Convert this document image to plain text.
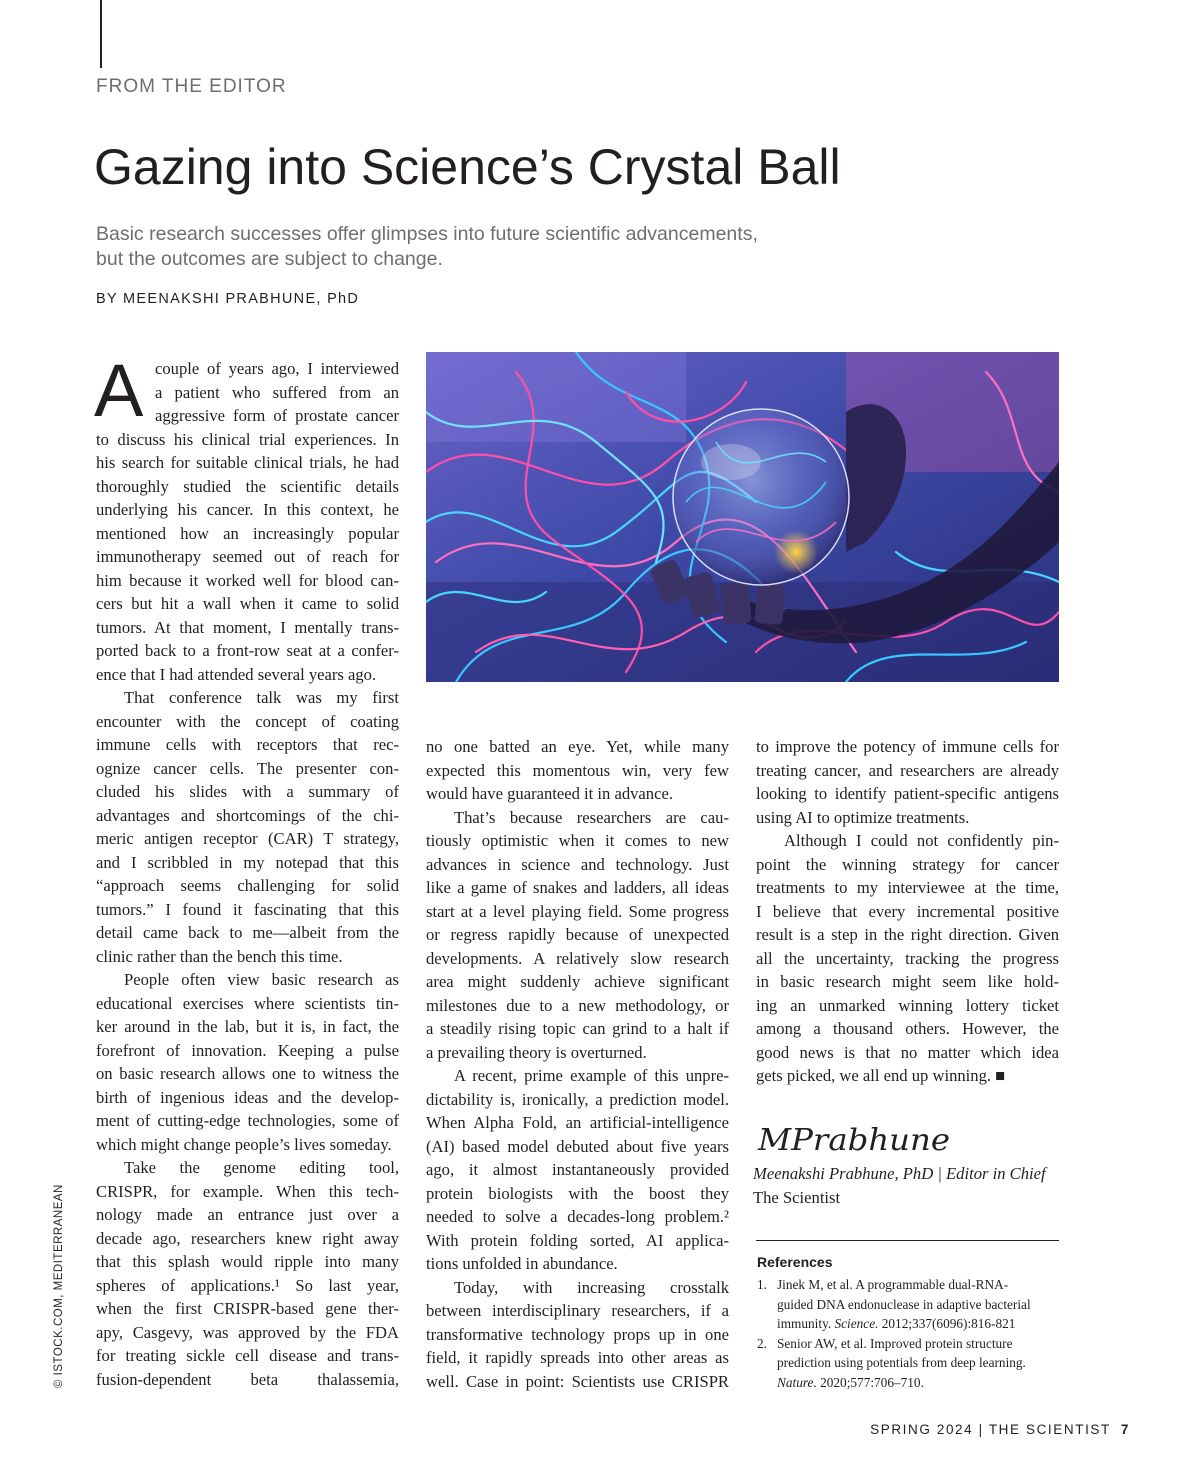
FROM THE EDITOR
Gazing into Science’s Crystal Ball
Basic research successes offer glimpses into future scientific advancements,
but the outcomes are subject to change.
BY MEENAKSHI PRABHUNE, PhD
A couple of years ago, I interviewed
a patient who suffered from an
aggressive form of prostate cancer
to discuss his clinical trial experiences. In
his search for suitable clinical trials, he had
thoroughly studied the scientific details
underlying his cancer. In this context, he
mentioned how an increasingly popular
immunotherapy seemed out of reach for
him because it worked well for blood can-
cers but hit a wall when it came to solid
tumors. At that moment, I mentally trans-
ported back to a front-row seat at a confer-
ence that I had attended several years ago.
That conference talk was my first
encounter with the concept of coating
immune cells with receptors that rec-
ognize cancer cells. The presenter con-
cluded his slides with a summary of
advantages and shortcomings of the chi-
meric antigen receptor (CAR) T strategy,
and I scribbled in my notepad that this
“approach seems challenging for solid
tumors.” I found it fascinating that this
detail came back to me—albeit from the
clinic rather than the bench this time.
People often view basic research as
educational exercises where scientists tin-
ker around in the lab, but it is, in fact, the
forefront of innovation. Keeping a pulse
on basic research allows one to witness the
birth of ingenious ideas and the develop-
ment of cutting-edge technologies, some of
which might change people’s lives someday.
Take the genome editing tool,
CRISPR, for example. When this tech-
nology made an entrance just over a
decade ago, researchers knew right away
that this splash would ripple into many
spheres of applications.¹ So last year,
when the first CRISPR-based gene ther-
apy, Casgevy, was approved by the FDA
for treating sickle cell disease and trans-
fusion-dependent beta thalassemia,
no one batted an eye. Yet, while many
expected this momentous win, very few
would have guaranteed it in advance.
That’s because researchers are cau-
tiously optimistic when it comes to new
advances in science and technology. Just
like a game of snakes and ladders, all ideas
start at a level playing field. Some progress
or regress rapidly because of unexpected
developments. A relatively slow research
area might suddenly achieve significant
milestones due to a new methodology, or
a steadily rising topic can grind to a halt if
a prevailing theory is overturned.
A recent, prime example of this unpre-
dictability is, ironically, a prediction model.
When Alpha Fold, an artificial-intelligence
(AI) based model debuted about five years
ago, it almost instantaneously provided
protein biologists with the boost they
needed to solve a decades-long problem.²
With protein folding sorted, AI applica-
tions unfolded in abundance.
Today, with increasing crosstalk
between interdisciplinary researchers, if a
transformative technology props up in one
field, it rapidly spreads into other areas as
well. Case in point: Scientists use CRISPR
to improve the potency of immune cells for
treating cancer, and researchers are already
looking to identify patient-specific antigens
using AI to optimize treatments.
Although I could not confidently pin-
point the winning strategy for cancer
treatments to my interviewee at the time,
I believe that every incremental positive
result is a step in the right direction. Given
all the uncertainty, tracking the progress
in basic research might seem like hold-
ing an unmarked winning lottery ticket
among a thousand others. However, the
good news is that no matter which idea
gets picked, we all end up winning. ■
MPrabhune
Meenakshi Prabhune, PhD | Editor in Chief
The Scientist
References
1. Jinek M, et al. A programmable dual-RNA-
guided DNA endonuclease in adaptive bacterial
immunity. Science. 2012;337(6096):816-821
2. Senior AW, et al. Improved protein structure
prediction using potentials from deep learning.
Nature. 2020;577:706–710.
© ISTOCK.COM, MEDITERRANEAN
SPRING 2024 | THE SCIENTIST 7
